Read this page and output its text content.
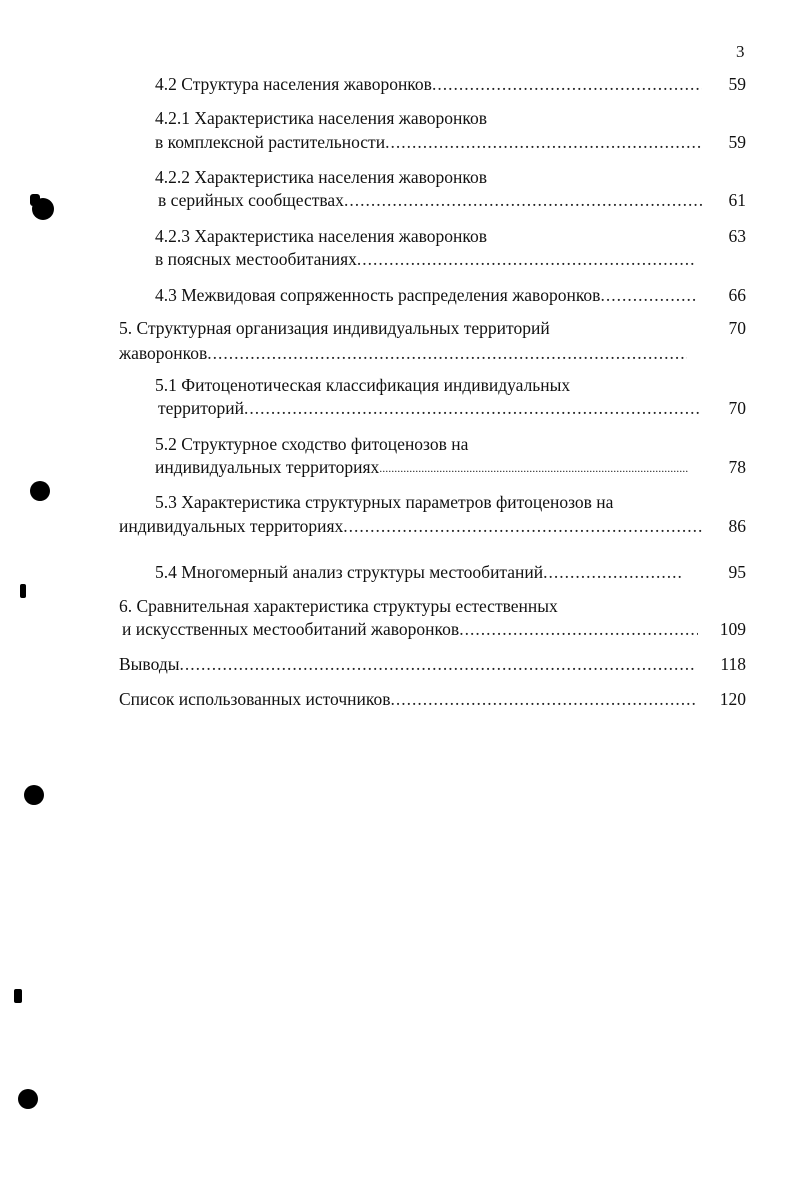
3
4.2 Структура населения жаворонков .....	59
4.2.1 Характеристика населения жаворонков
в комплексной растительности .....	59
4.2.2 Характеристика населения жаворонков
в серийных сообществах .....	61
4.2.3 Характеристика населения жаворонков	63
в поясных местообитаниях
.....
4.3 Межвидовая сопряженность распределения жаворонков .....	66
5. Структурная организация индивидуальных территорий	70
жаворонков
.....
5.1 Фитоценотическая классификация индивидуальных
территорий .....	70
5.2 Структурное сходство фитоценозов на
индивидуальных территориях .....	78
5.3 Характеристика структурных параметров фитоценозов на
индивидуальных территориях .....	86
5.4 Многомерный анализ структуры местообитаний .....	95
6. Сравнительная характеристика структуры естественных
и искусственных местообитаний жаворонков .....	109
Выводы .....	118
Список использованных источников .....	120
